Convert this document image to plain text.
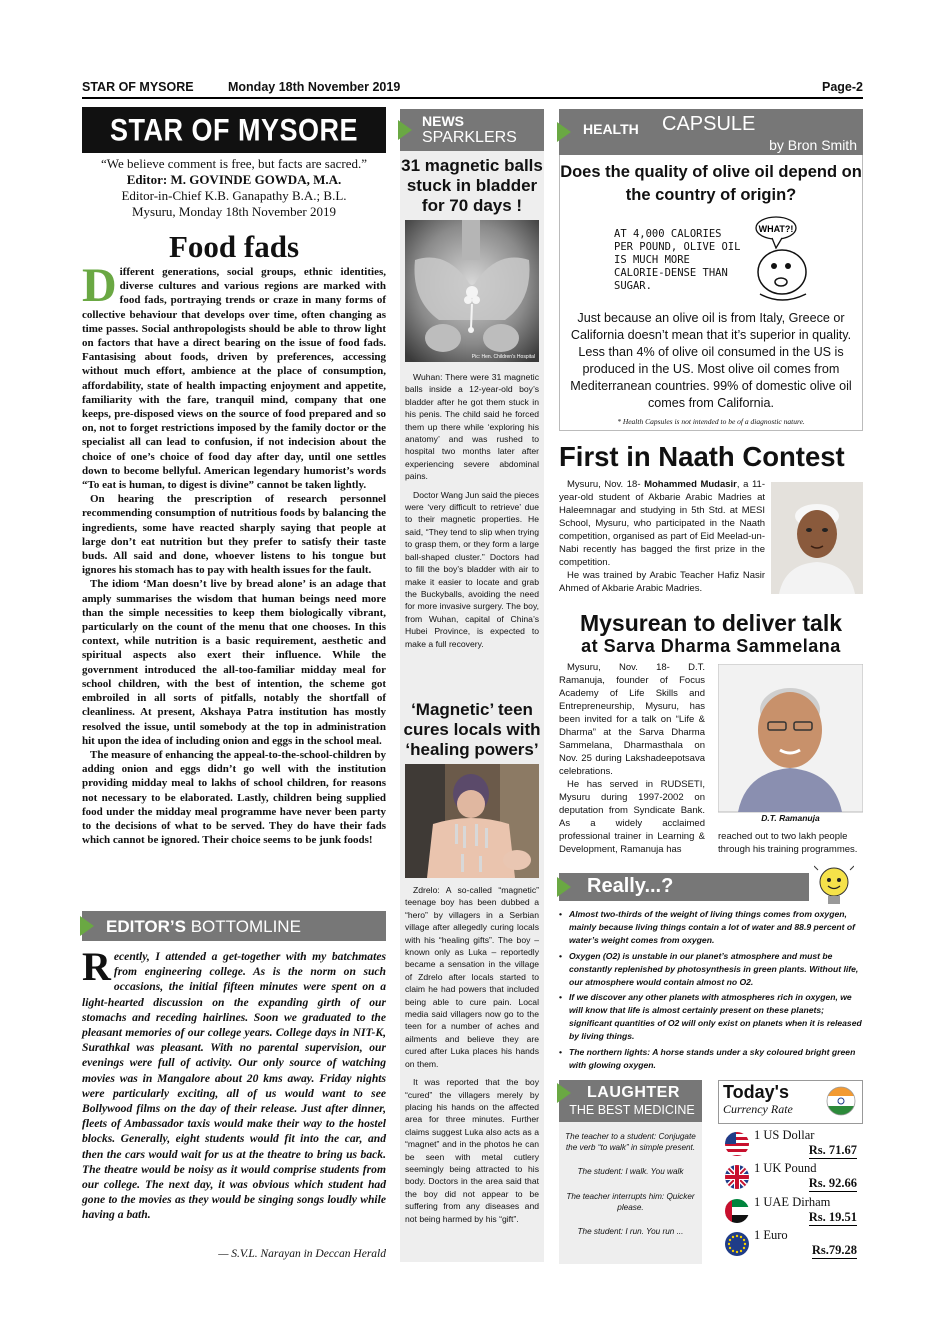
STAR OF MYSORE	Monday 18th November 2019	Page-2
STAR OF MYSORE
“We believe comment is free, but facts are sacred.”
Editor: M. GOVINDE GOWDA, M.A.
Editor-in-Chief K.B. Ganapathy B.A.; B.L.
Mysuru, Monday 18th November 2019
Food fads

Different generations, social groups, ethnic identities, diverse cultures and various regions are marked with food fads, portraying trends or craze in many forms of collective behaviour that develops over time, often changing as time passes. Social anthropologists should be able to throw light on factors that have a direct bearing on the issue of food fads. Fantasising about foods, driven by preferences, accessing without much effort, ambience at the place of consumption, affordability, state of health impacting enjoyment and appetite, familiarity with the fare, tranquil mind, company that one keeps, pre-disposed views on the source of food prepared and so on, not to forget restrictions imposed by the family doctor or the specialist all can lead to confusion, if not indecision about the choice of one’s choice of food day after day, until one settles down to become bellyful. American legendary humorist’s words “To eat is human, to digest is divine” cannot be taken lightly.

On hearing the prescription of research personnel recommending consumption of nutritious foods by balancing the ingredients, some have reacted sharply saying that people at large don’t eat nutrition but they prefer to satisfy their taste buds. All said and done, whoever listens to his tongue but ignores his stomach has to pay with health issues for the fault.

The idiom ‘Man doesn’t live by bread alone’ is an adage that amply summarises the wisdom that human beings need more than the simple necessities to keep them biologically vibrant, particularly on the count of the menu that one chooses. In this context, while nutrition is a basic requirement, aesthetic and spiritual aspects also exert their influence. While the government introduced the all-too-familiar midday meal for school children, with the best of intention, the scheme got embroiled in all sorts of pitfalls, notably the shortfall of cleanliness. At present, Akshaya Patra institution has mostly resolved the issue, until somebody at the top in administration hit upon the idea of including onion and eggs in the school meal.

The measure of enhancing the appeal-to-the-school-children by adding onion and eggs didn’t go well with the institution providing midday meal to lakhs of school children, for reasons not necessary to be elaborated. Lastly, children being supplied food under the midday meal programme have never been party to the decisions of what to be served. They do have their fads which cannot be ignored. Their choice seems to be junk foods!

EDITOR’S BOTTOMLINE
Recently, I attended a get-together with my batchmates from engineering college. As is the norm on such occasions, the initial fifteen minutes were spent on a light-hearted discussion on the expanding girth of our stomachs and receding hairlines. Soon we graduated to the pleasant memories of our college years. College days in NIT-K, Surathkal was pleasant. With no parental supervision, our evenings were full of activity. Our only source of watching movies was in Mangalore about 20 kms away. Friday nights were particularly exciting, all of us would want to see Bollywood films on the day of their release. Just after dinner, fleets of Ambassador taxis would make their way to the hostel blocks. Generally, eight students would fit into the car, and then the cars would wait for us at the theatre to bring us back. The theatre would be noisy as it would comprise students from our college. The next day, it was obvious which student had gone to the movies as they would be singing songs loudly while having a bath.
— S.V.L. Narayan in Deccan Herald
NEWS
SPARKLERS
31 magnetic balls stuck in bladder for 70 days !
Pic: Hen. Children's Hospital

Wuhan: There were 31 magnetic balls inside a 12-year-old boy’s bladder after he got them stuck in his penis. The child said he forced them up there while ‘exploring his anatomy’ and was rushed to hospital two months later after experiencing severe abdominal pains.

Doctor Wang Jun said the pieces were ‘very difficult to retrieve’ due to their magnetic properties. He said, “They tend to slip when trying to grasp them, or they form a large ball-shaped cluster.” Doctors had to fill the boy’s bladder with air to make it easier to locate and grab the Buckyballs, avoiding the need for more invasive surgery. The boy, from Wuhan, capital of China’s Hubei Province, is expected to make a full recovery.

‘Magnetic’ teen cures locals with ‘healing powers’

Zdrelo: A so-called “magnetic” teenage boy has been dubbed a “hero” by villagers in a Serbian village after allegedly curing locals with his “healing gifts”. The boy – known only as Luka – reportedly became a sensation in the village of Zdrelo after locals started to claim he had powers that included being able to cure pain. Local media said villagers now go to the teen for a number of aches and ailments and believe they are cured after Luka places his hands on them.

It was reported that the boy “cured” the villagers merely by placing his hands on the affected area for three minutes. Further claims suggest Luka also acts as a “magnet” and in the photos he can be seen with metal cutlery seemingly being attracted to his body. Doctors in the area said that the boy did not appear to be suffering from any diseases and not being harmed by his “gift”.

HEALTH CAPSULE
by Bron Smith
Does the quality of olive oil depend on the country of origin?
WHAT?!
AT 4,000 CALORIES PER POUND, OLIVE OIL IS MUCH MORE CALORIE-DENSE THAN SUGAR.
Just because an olive oil is from Italy, Greece or California doesn’t mean that it’s superior in quality. Less than 4% of olive oil consumed in the US is produced in the US. Most olive oil comes from Mediterranean countries. 99% of domestic olive oil comes from California.
* Health Capsules is not intended to be of a diagnostic nature.
First in Naath Contest

Mysuru, Nov. 18- Mohammed Mudasir, a 11-year-old student of Akbarie Arabic Madries at Haleemnagar and studying in 5th Std. at MESI School, Mysuru, who participated in the Naath competition, organised as part of Eid Meelad-un-Nabi recently has bagged the first prize in the competition.

He was trained by Arabic Teacher Hafiz Nasir Ahmed of Akbarie Arabic Madries.

Mysurean to deliver talk
at Sarva Dharma Sammelana

Mysuru, Nov. 18- D.T. Ramanuja, founder of Focus Academy of Life Skills and Entrepreneurship, Mysuru, has been invited for a talk on “Life & Dharma” at the Sarva Dharma Sammelana, Dharmasthala on Nov. 25 during Lakshadeepotsava celebrations.

He has served in RUDSETI, Mysuru during 1997-2002 on deputation from Syndicate Bank. As a widely acclaimed professional trainer in Learning & Development, Ramanuja has

D.T. Ramanuja
reached out to two lakh people through his training programmes.
Really...?
• Almost two-thirds of the weight of living things comes from oxygen, mainly because living things contain a lot of water and 88.9 percent of water’s weight comes from oxygen.
• Oxygen (O2) is unstable in our planet’s atmosphere and must be constantly replenished by photosynthesis in green plants. Without life, our atmosphere would contain almost no O2.
• If we discover any other planets with atmospheres rich in oxygen, we will know that life is almost certainly present on these planets; significant quantities of O2 will only exist on planets when it is released by living things.
• The northern lights: A horse stands under a sky coloured bright green with glowing oxygen.
LAUGHTER
THE BEST MEDICINE

The teacher to a student: Conjugate the verb “to walk” in simple present.

The student: I walk. You walk

The teacher interrupts him: Quicker please.

The student: I run. You run ...

Today's
Currency Rate
1 US Dollar
Rs. 71.67
1 UK Pound
Rs. 92.66
1 UAE Dirham
Rs. 19.51
1 Euro
Rs.79.28
